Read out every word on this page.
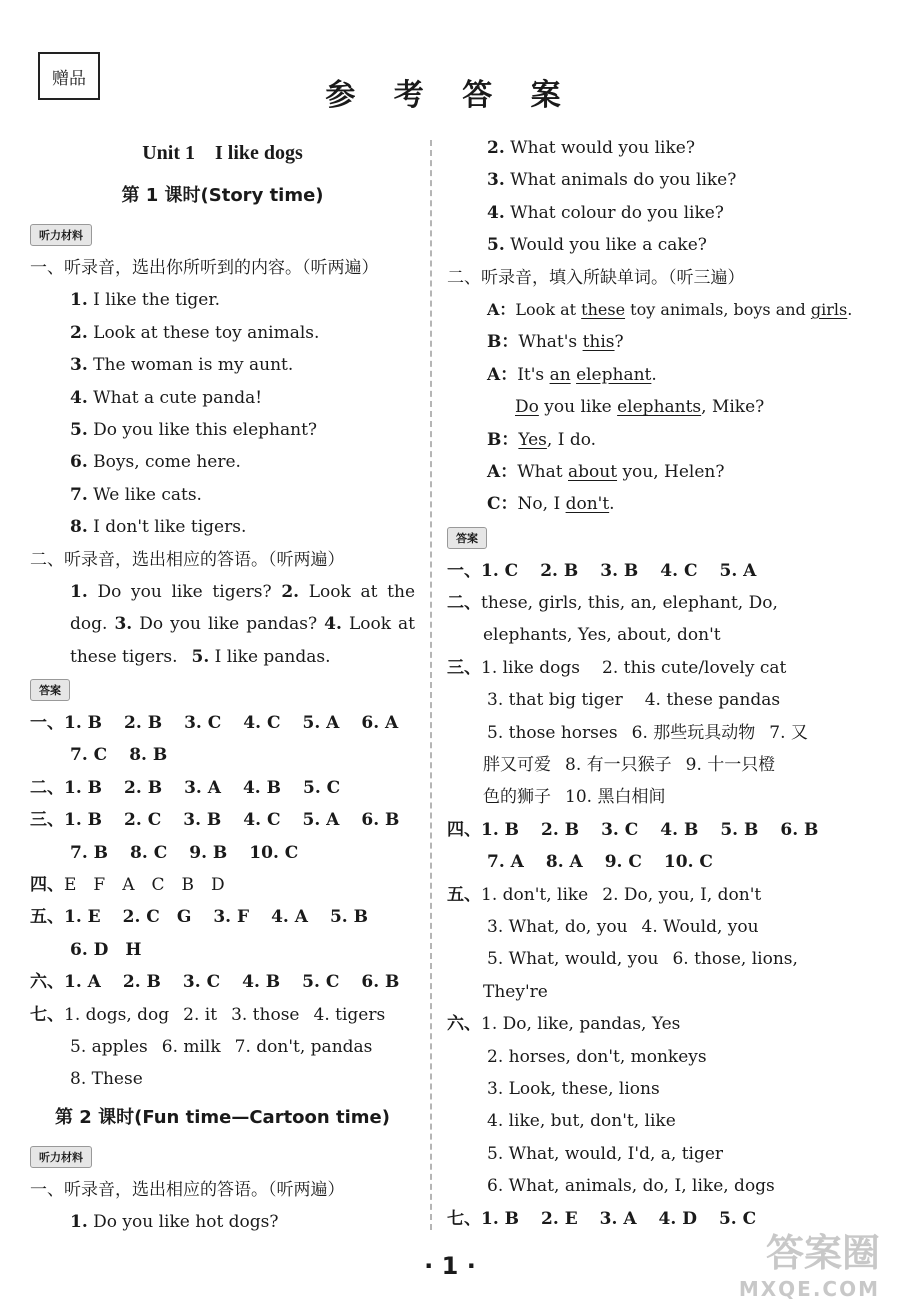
赠品	参 考 答 案
Unit 1　I like dogs
第 1 课时(Story time)
听力材料
一、听录音，选出你所听到的内容。（听两遍）
1. I like the tiger.
2. Look at these toy animals.
3. The woman is my aunt.
4. What a cute panda!
5. Do you like this elephant?
6. Boys, come here.
7. We like cats.
8. I don't like tigers.
二、听录音，选出相应的答语。（听两遍）
1. Do you like tigers? 2. Look at the
dog. 3. Do you like pandas? 4. Look at
these tigers. 5. I like pandas.
答案
一、1. B 2. B 3. C 4. C 5. A 6. A
7. C 8. B
二、1. B 2. B 3. A 4. B 5. C
三、1. B 2. C 3. B 4. C 5. A 6. B
7. B 8. C 9. B 10. C
四、E　F　A　C　B　D
五、1. E 2. C　G 3. F 4. A 5. B
6. D　H
六、1. A 2. B 3. C 4. B 5. C 6. B
七、1. dogs, dog 2. it 3. those 4. tigers
5. apples 6. milk 7. don't, pandas
8. These
第 2 课时(Fun time—Cartoon time)
听力材料
一、听录音，选出相应的答语。（听两遍）
1. Do you like hot dogs?
2. What would you like?
3. What animals do you like?
4. What colour do you like?
5. Would you like a cake?
二、听录音，填入所缺单词。（听三遍）
A：Look at these toy animals, boys and girls.
B：What's this?
A：It's an elephant.
Do you like elephants, Mike?
B：Yes, I do.
A：What about you, Helen?
C：No, I don't.
答案
一、1. C 2. B 3. B 4. C 5. A
二、these, girls, this, an, elephant, Do,
elephants, Yes, about, don't
三、1. like dogs 2. this cute/lovely cat
3. that big tiger 4. these pandas
5. those horses 6. 那些玩具动物 7. 又
胖又可爱 8. 有一只猴子 9. 十一只橙
色的狮子 10. 黑白相间
四、1. B 2. B 3. C 4. B 5. B 6. B
7. A 8. A 9. C 10. C
五、1. don't, like 2. Do, you, I, don't
3. What, do, you 4. Would, you
5. What, would, you 6. those, lions,
They're
六、1. Do, like, pandas, Yes
2. horses, don't, monkeys
3. Look, these, lions
4. like, but, don't, like
5. What, would, I'd, a, tiger
6. What, animals, do, I, like, dogs
七、1. B 2. E 3. A 4. D 5. C
· 1 ·	答案圈
MXQE.COM
